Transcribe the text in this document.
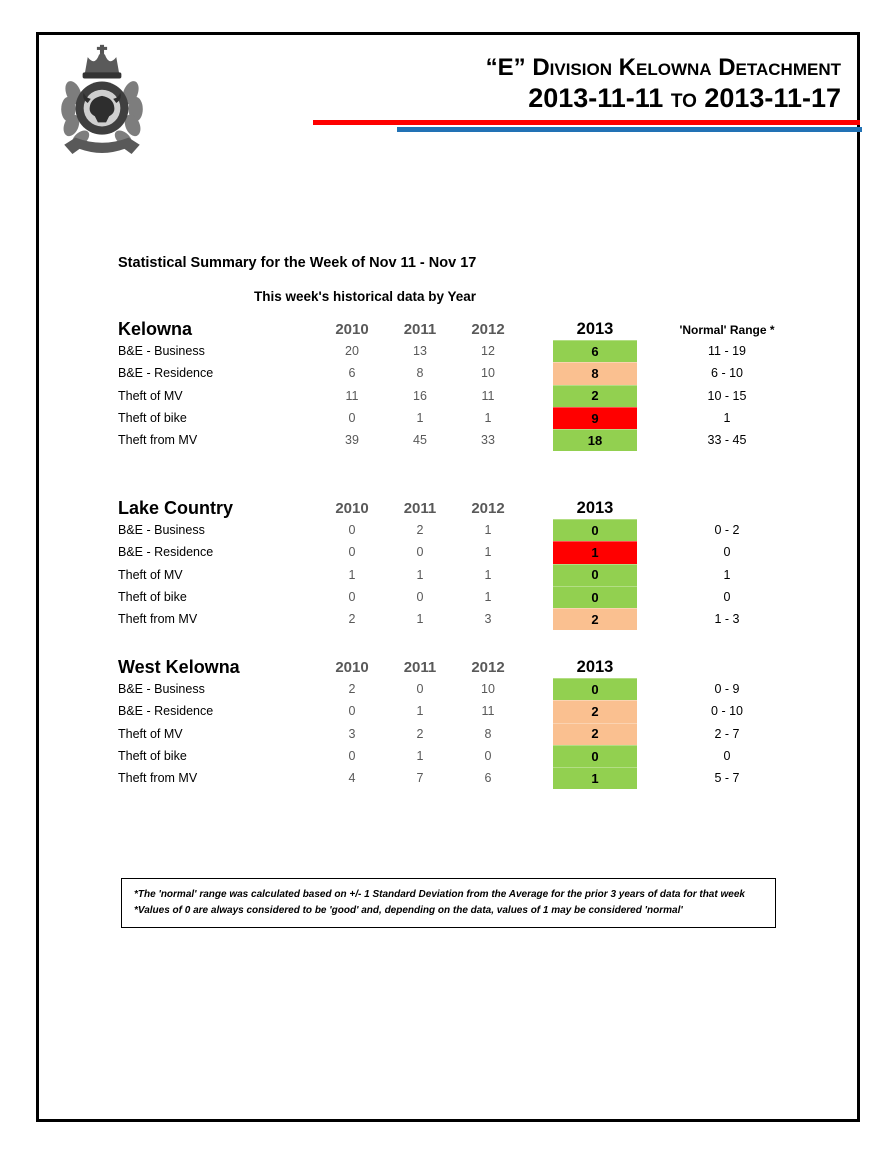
“E” Division Kelowna Detachment
2013-11-11 to 2013-11-17
Statistical Summary for the Week of Nov 11 - Nov 17
This week's historical data by Year
Kelowna	2010	2011	2012	2013	'Normal' Range *
B&E - Business	20	13	12	6	11 - 19
B&E - Residence	6	8	10	8	6 - 10
Theft of MV	11	16	11	2	10 - 15
Theft of bike	0	1	1	9	1
Theft from MV	39	45	33	18	33 - 45
Lake Country	2010	2011	2012	2013
B&E - Business	0	2	1	0	0 - 2
B&E - Residence	0	0	1	1	0
Theft of MV	1	1	1	0	1
Theft of bike	0	0	1	0	0
Theft from MV	2	1	3	2	1 - 3
West Kelowna	2010	2011	2012	2013
B&E - Business	2	0	10	0	0 - 9
B&E - Residence	0	1	11	2	0 - 10
Theft of MV	3	2	8	2	2 - 7
Theft of bike	0	1	0	0	0
Theft from MV	4	7	6	1	5 - 7
*The 'normal' range was calculated based on +/- 1 Standard Deviation from the Average for the prior 3 years of data for that week
*Values of 0 are always considered to be 'good' and, depending on the data, values of 1 may be considered 'normal'
